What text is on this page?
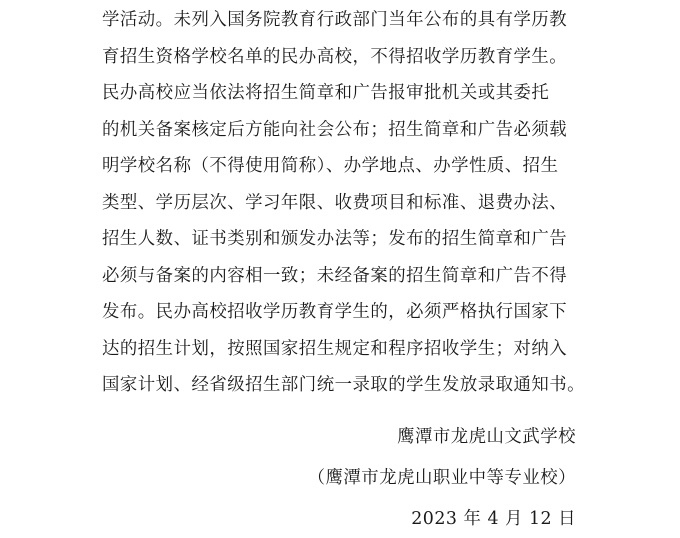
学活动。未列入国务院教育行政部门当年公布的具有学历教
育招生资格学校名单的民办高校，不得招收学历教育学生。
民办高校应当依法将招生简章和广告报审批机关或其委托
的机关备案核定后方能向社会公布；招生简章和广告必须载
明学校名称（不得使用简称）、办学地点、办学性质、招生
类型、学历层次、学习年限、收费项目和标准、退费办法、
招生人数、证书类别和颁发办法等；发布的招生简章和广告
必须与备案的内容相一致；未经备案的招生简章和广告不得
发布。民办高校招收学历教育学生的，必须严格执行国家下
达的招生计划，按照国家招生规定和程序招收学生；对纳入
国家计划、经省级招生部门统一录取的学生发放录取通知书。
鹰潭市龙虎山文武学校
（鹰潭市龙虎山职业中等专业校）
2023 年 4 月 12 日
